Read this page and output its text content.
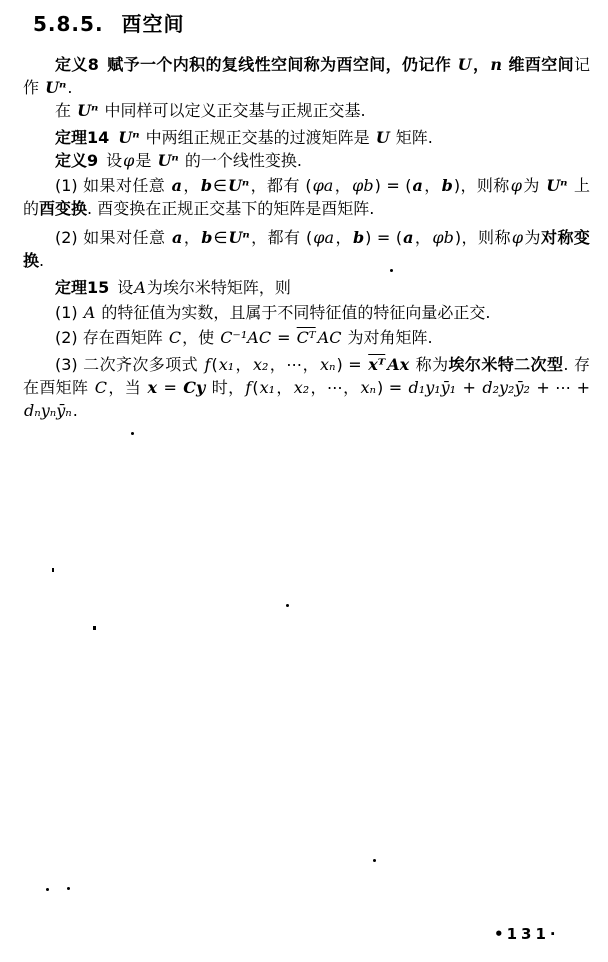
5.8.5. 酉空间

定义8  赋予一个内积的复线性空间称为酉空间，仍记作 U，n 维酉空间记作 Uⁿ.

在 Uⁿ 中同样可以定义正交基与正规正交基.

定理14  Uⁿ 中两组正规正交基的过渡矩阵是 U 矩阵.

定义9 设φ是 Uⁿ 的一个线性变换.

(1) 如果对任意 a，b∈Uⁿ，都有 (φa，φb) = (a，b)，则称φ为 Uⁿ 上的酉变换. 酉变换在正规正交基下的矩阵是酉矩阵.

(2) 如果对任意 a，b∈Uⁿ，都有 (φa，b) = (a，φb)，则称φ为对称变换.

定理15 设A为埃尔米特矩阵，则

(1) A 的特征值为实数，且属于不同特征值的特征向量必正交.

(2) 存在酉矩阵 C，使 $C^{-1}AC = \overline{Cᵀ}$ AC 为对角矩阵.

(3) 二次齐次多项式 f(x₁，x₂，⋯，$x_n) = \overline{xᵀ}$ Ax 称为埃尔米特二次型. 存在酉矩阵 C，当 x = Cy 时，f(x₁，x₂，⋯，xₙ) = d₁y₁ȳ₁ + d₂y₂ȳ₂ + ⋯ + dₙyₙȳₙ.

•131·
